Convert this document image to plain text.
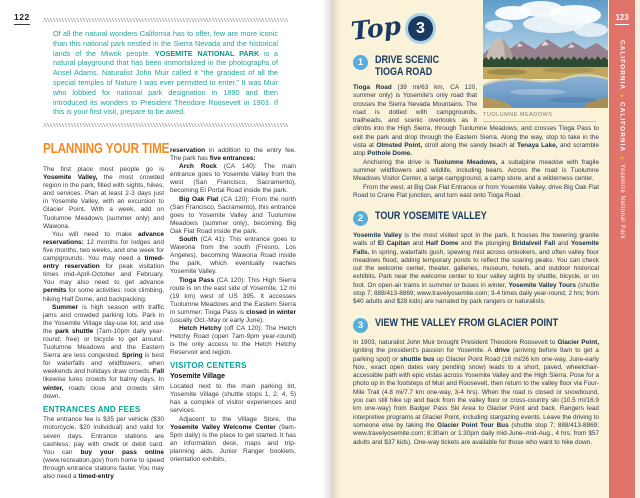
122

Of all the natural wonders California has to offer, few are more iconic than this national park nestled in the Sierra Nevada and the historical lands of the Miwok people. YOSEMITE NATIONAL PARK is a natural playground that has been immortalized in the photographs of Ansel Adams. Naturalist John Muir called it “the grandest of all the special temples of Nature I was ever permitted to enter.” It was Muir who lobbied for national park designation in 1890 and then introduced its wonders to President Theodore Roosevelt in 1903. If this is your first visit, prepare to be awed.

PLANNING YOUR TIME

The first place most people go is Yosemite Valley, the most crowded region in the park, filled with sights, hikes, and services. Plan at least 2-3 days just in Yosemite Valley, with an excursion to Glacier Point. With a week, add on Tuolumne Meadows (summer only) and Wawona.

You will need to make advance reservations: 12 months for lodges and five months, two weeks, and one week for campgrounds. You may need a timed-entry reservation for peak visitation times mid-April-October and February. You may also need to get advance permits for some activities: rock climbing, hiking Half Dome, and backpacking.

Summer is high season with traffic jams and crowded parking lots. Park in the Yosemite Village day-use lot, and use the park shuttle (7am-10pm daily year-round; free) or bicycle to get around. Tuolumne Meadows and the Eastern Sierra are less congested. Spring is best for waterfalls and wildflowers, when weekends and holidays draw crowds. Fall likewise lures crowds for balmy days. In winter, roads close and crowds slim down.

ENTRANCES AND FEES

The entrance fee is $35 per vehicle ($30 motorcycle, $20 individual) and valid for seven days. Entrance stations are cashless; pay with credit or debit card. You can buy your pass online (www.recreation.gov) from home to speed through entrance stations faster. You may also need a timed-entry

reservation in addition to the entry fee. The park has five entrances:

Arch Rock (CA 140): The main entrance goes to Yosemite Valley from the west (San Francisco, Sacramento), becoming El Portal Road inside the park.

Big Oak Flat (CA 120): From the north (San Francisco, Sacramento), this entrance goes to Yosemite Valley and Tuolumne Meadows (summer only), becoming Big Oak Flat Road inside the park.

South (CA 41): This entrance goes to Wawona from the south (Fresno, Los Angeles), becoming Wawona Road inside the park, which eventually reaches Yosemite Valley.

Tioga Pass (CA 120): This High Sierra route is on the east side of Yosemite, 12 mi (19 km) west of US 395. It accesses Tuolumne Meadows and the Eastern Sierra in summer; Tioga Pass is closed in winter (usually Oct.-May or early June).

Hetch Hetchy (off CA 120): The Hetch Hetchy Road (open 7am-9pm year-round) is the only access to the Hetch Hetchy Reservoir and region.

VISITOR CENTERS
Yosemite Village

Located next to the main parking lot, Yosemite Village (shuttle stops 1, 2, 4, 5) has a complex of visitor experiences and services.

Adjacent to the Village Store, the Yosemite Valley Welcome Center (9am-5pm daily) is the place to get started. It has an information desk, maps and trip-planning aids, Junior Ranger booklets, orientation exhibits,

Top 3
TUOLUMNE MEADOWS
1	DRIVE SCENIC TIOGA ROAD

Tioga Road (39 mi/63 km, CA 120, summer only) is Yosemite's only road that crosses the Sierra Nevada Mountains. The road is dotted with campgrounds, trailheads, and scenic overlooks as it climbs into the High Sierra, through Tuolumne Meadows, and crosses Tioga Pass to exit the park and drop through the Eastern Sierra. Along the way, stop to take in the vista at Olmsted Point, stroll along the sandy beach at Tenaya Lake, and scramble atop Pothole Dome.

Anchoring the drive is Tuolumne Meadows, a subalpine meadow with fragile summer wildflowers and wildlife, including bears. Across the road is Tuolumne Meadows Visitor Center, a large campground, a camp store, and a wilderness center.

From the west, at Big Oak Flat Entrance or from Yosemite Valley, drive Big Oak Flat Road to Crane Flat junction, and turn east onto Tioga Road.

2	TOUR YOSEMITE VALLEY

Yosemite Valley is the most visited spot in the park. It houses the towering granite walls of El Capitan and Half Dome and the plunging Bridalveil Fall and Yosemite Falls. In spring, waterfalls gush, spewing mist across onlookers, and often valley floor meadows flood, adding temporary ponds to reflect the soaring peaks. You can check out the welcome center, theater, galleries, museum, hotels, and outdoor historical exhibits. Park near the welcome center to tour valley sights by shuttle, bicycle, or on foot. On open-air trams in summer or buses in winter, Yosemite Valley Tours (shuttle stop 7; 888/413-8869; www.travelyosemite.com; 3-4 times daily year-round, 2 hrs; from $40 adults and $28 kids) are narrated by park rangers or naturalists.

3	VIEW THE VALLEY FROM GLACIER POINT

In 1903, naturalist John Muir brought President Theodore Roosevelt to Glacier Point, igniting the president's passion for Yosemite. A drive (arriving before 9am to get a parking spot) or shuttle bus up Glacier Point Road (16 mi/26 km one-way, June-early Nov., exact open dates vary pending snow) leads to a short, paved, wheelchair-accessible path with epic vistas across Yosemite Valley and the High Sierra. Pose for a photo op in the footsteps of Muir and Roosevelt, then return to the valley floor via Four-Mile Trail (4.8 mi/7.7 km one-way, 3-4 hrs). When the road is closed or snowbound, you can still hike up and back from the valley floor or cross-country ski (10.5 mi/16.9 km one-way) from Badger Pass Ski Area to Glacier Point and back. Rangers lead interpretive programs at Glacier Point, including stargazing events. Leave the driving to someone else by taking the Glacier Point Tour Bus (shuttle stop 7; 888/413-8869; www.travelyosemite.com; 8:30am or 1:30pm daily mid-June–mid-Aug., 4 hrs; from $57 adults and $37 kids). One-way tickets are available for those who want to hike down.

123
CALIFORNIA
◆
CALIFORNIA
◆
Yosemite National Park
